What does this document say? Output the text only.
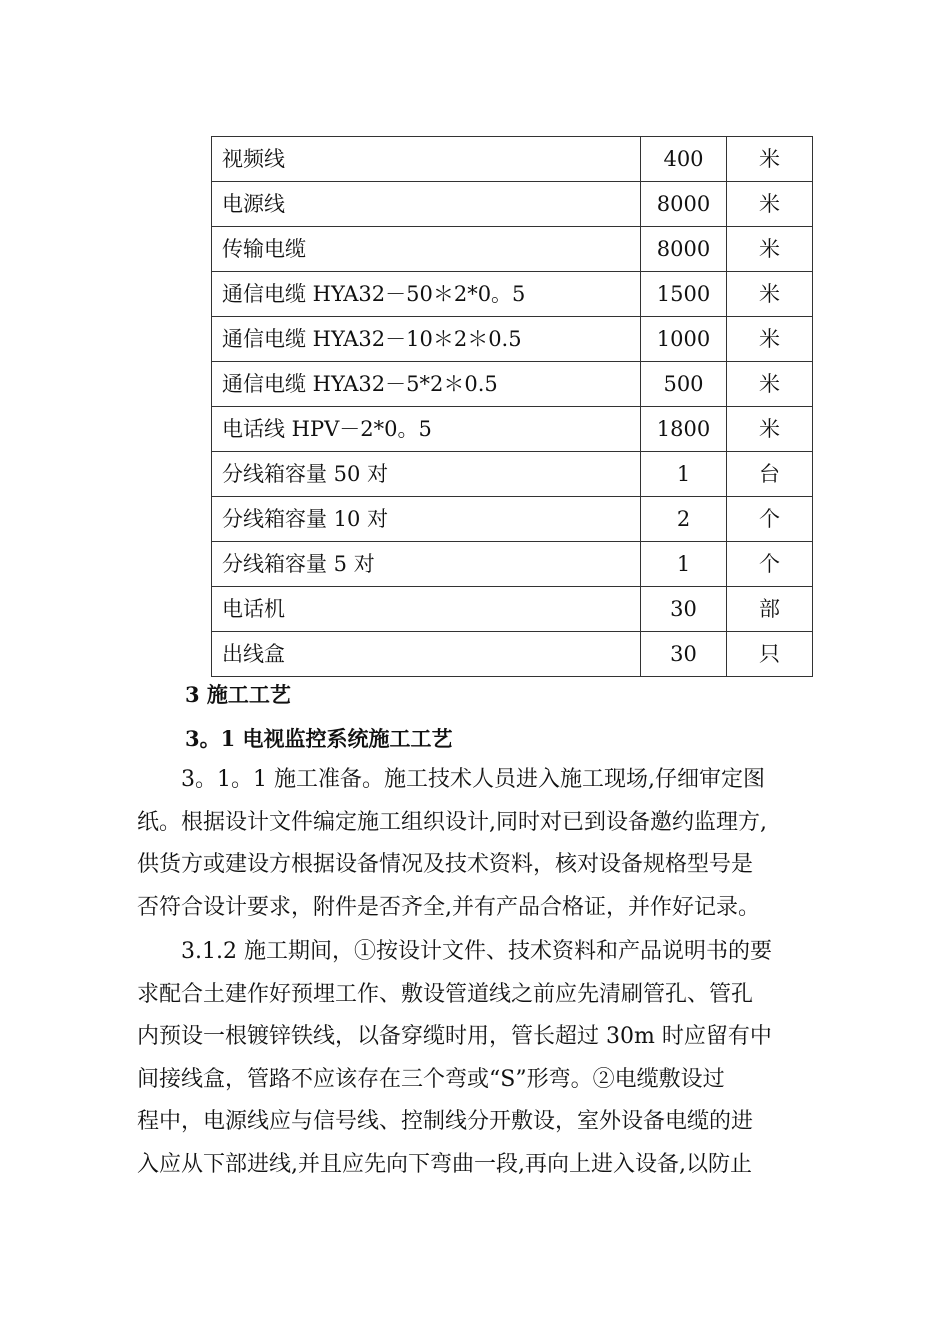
视频线	400	米
电源线	8000	米
传输电缆	8000	米
通信电缆 HYA32－50＊2*0。5	1500	米
通信电缆 HYA32－10＊2＊0.5	1000	米
通信电缆 HYA32－5*2＊0.5	500	米
电话线 HPV－2*0。5	1800	米
分线箱容量 50 对	1	台
分线箱容量 10 对	2	个
分线箱容量 5 对	1	个
电话机	30	部
出线盒	30	只
3 施工工艺
3。1 电视监控系统施工工艺
　　3。1。1 施工准备。施工技术人员进入施工现场,仔细审定图
纸。根据设计文件编定施工组织设计,同时对已到设备邀约监理方,
供货方或建设方根据设备情况及技术资料，核对设备规格型号是
否符合设计要求，附件是否齐全,并有产品合格证，并作好记录。
　　3.1.2 施工期间，①按设计文件、技术资料和产品说明书的要
求配合土建作好预埋工作、敷设管道线之前应先清刷管孔、管孔
内预设一根镀锌铁线，以备穿缆时用，管长超过 30m 时应留有中
间接线盒，管路不应该存在三个弯或“S”形弯。②电缆敷设过
程中，电源线应与信号线、控制线分开敷设，室外设备电缆的进
入应从下部进线,并且应先向下弯曲一段,再向上进入设备,以防止
